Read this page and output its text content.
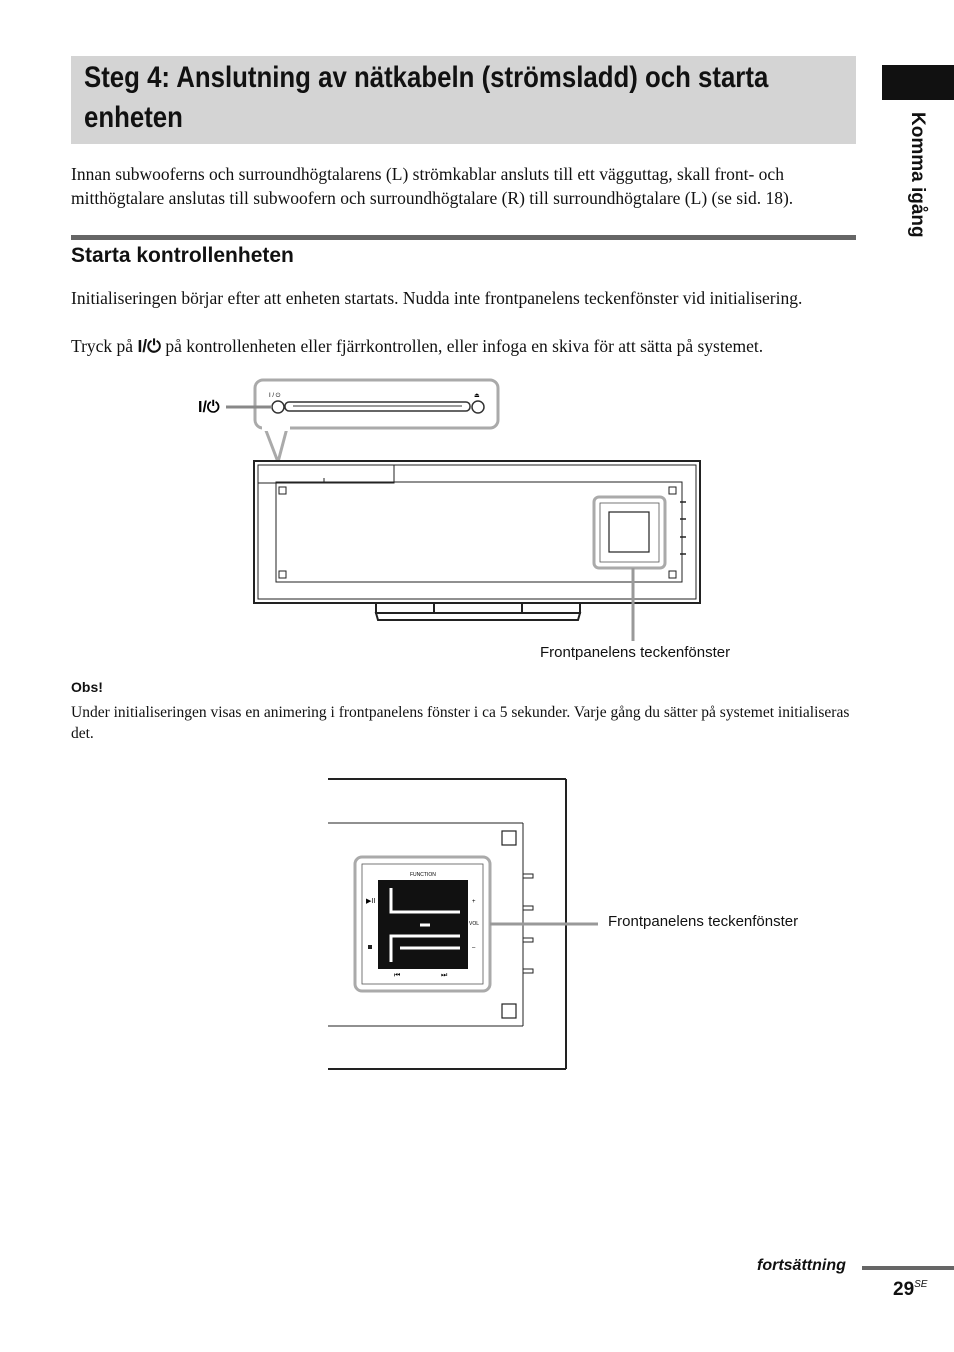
Steg 4: Anslutning av nätkabeln (strömsladd) och starta
enheten	Komma igång
Innan subwooferns och surroundhögtalarens (L) strömkablar ansluts till ett vägguttag, skall front- och mitthögtalare anslutas till subwoofern och surroundhögtalare (R) till surroundhögtalare (L) (se sid. 18).
Starta kontrollenheten
Initialiseringen börjar efter att enheten startats. Nudda inte frontpanelens teckenfönster vid initialisering.
Tryck på I/⏻ på kontrollenheten eller fjärrkontrollen, eller infoga en skiva för att sätta på systemet.
I / ⏻	⏏
I/⏻
FUNCTION
+
VOL
–
▶II
⏮	⏭
Frontpanelens teckenfönster
Obs!
Under initialiseringen visas en animering i frontpanelens fönster i ca 5 sekunder. Varje gång du sätter på systemet initialiseras det.
Frontpanelens teckenfönster
fortsättning
$29^{SE}$
